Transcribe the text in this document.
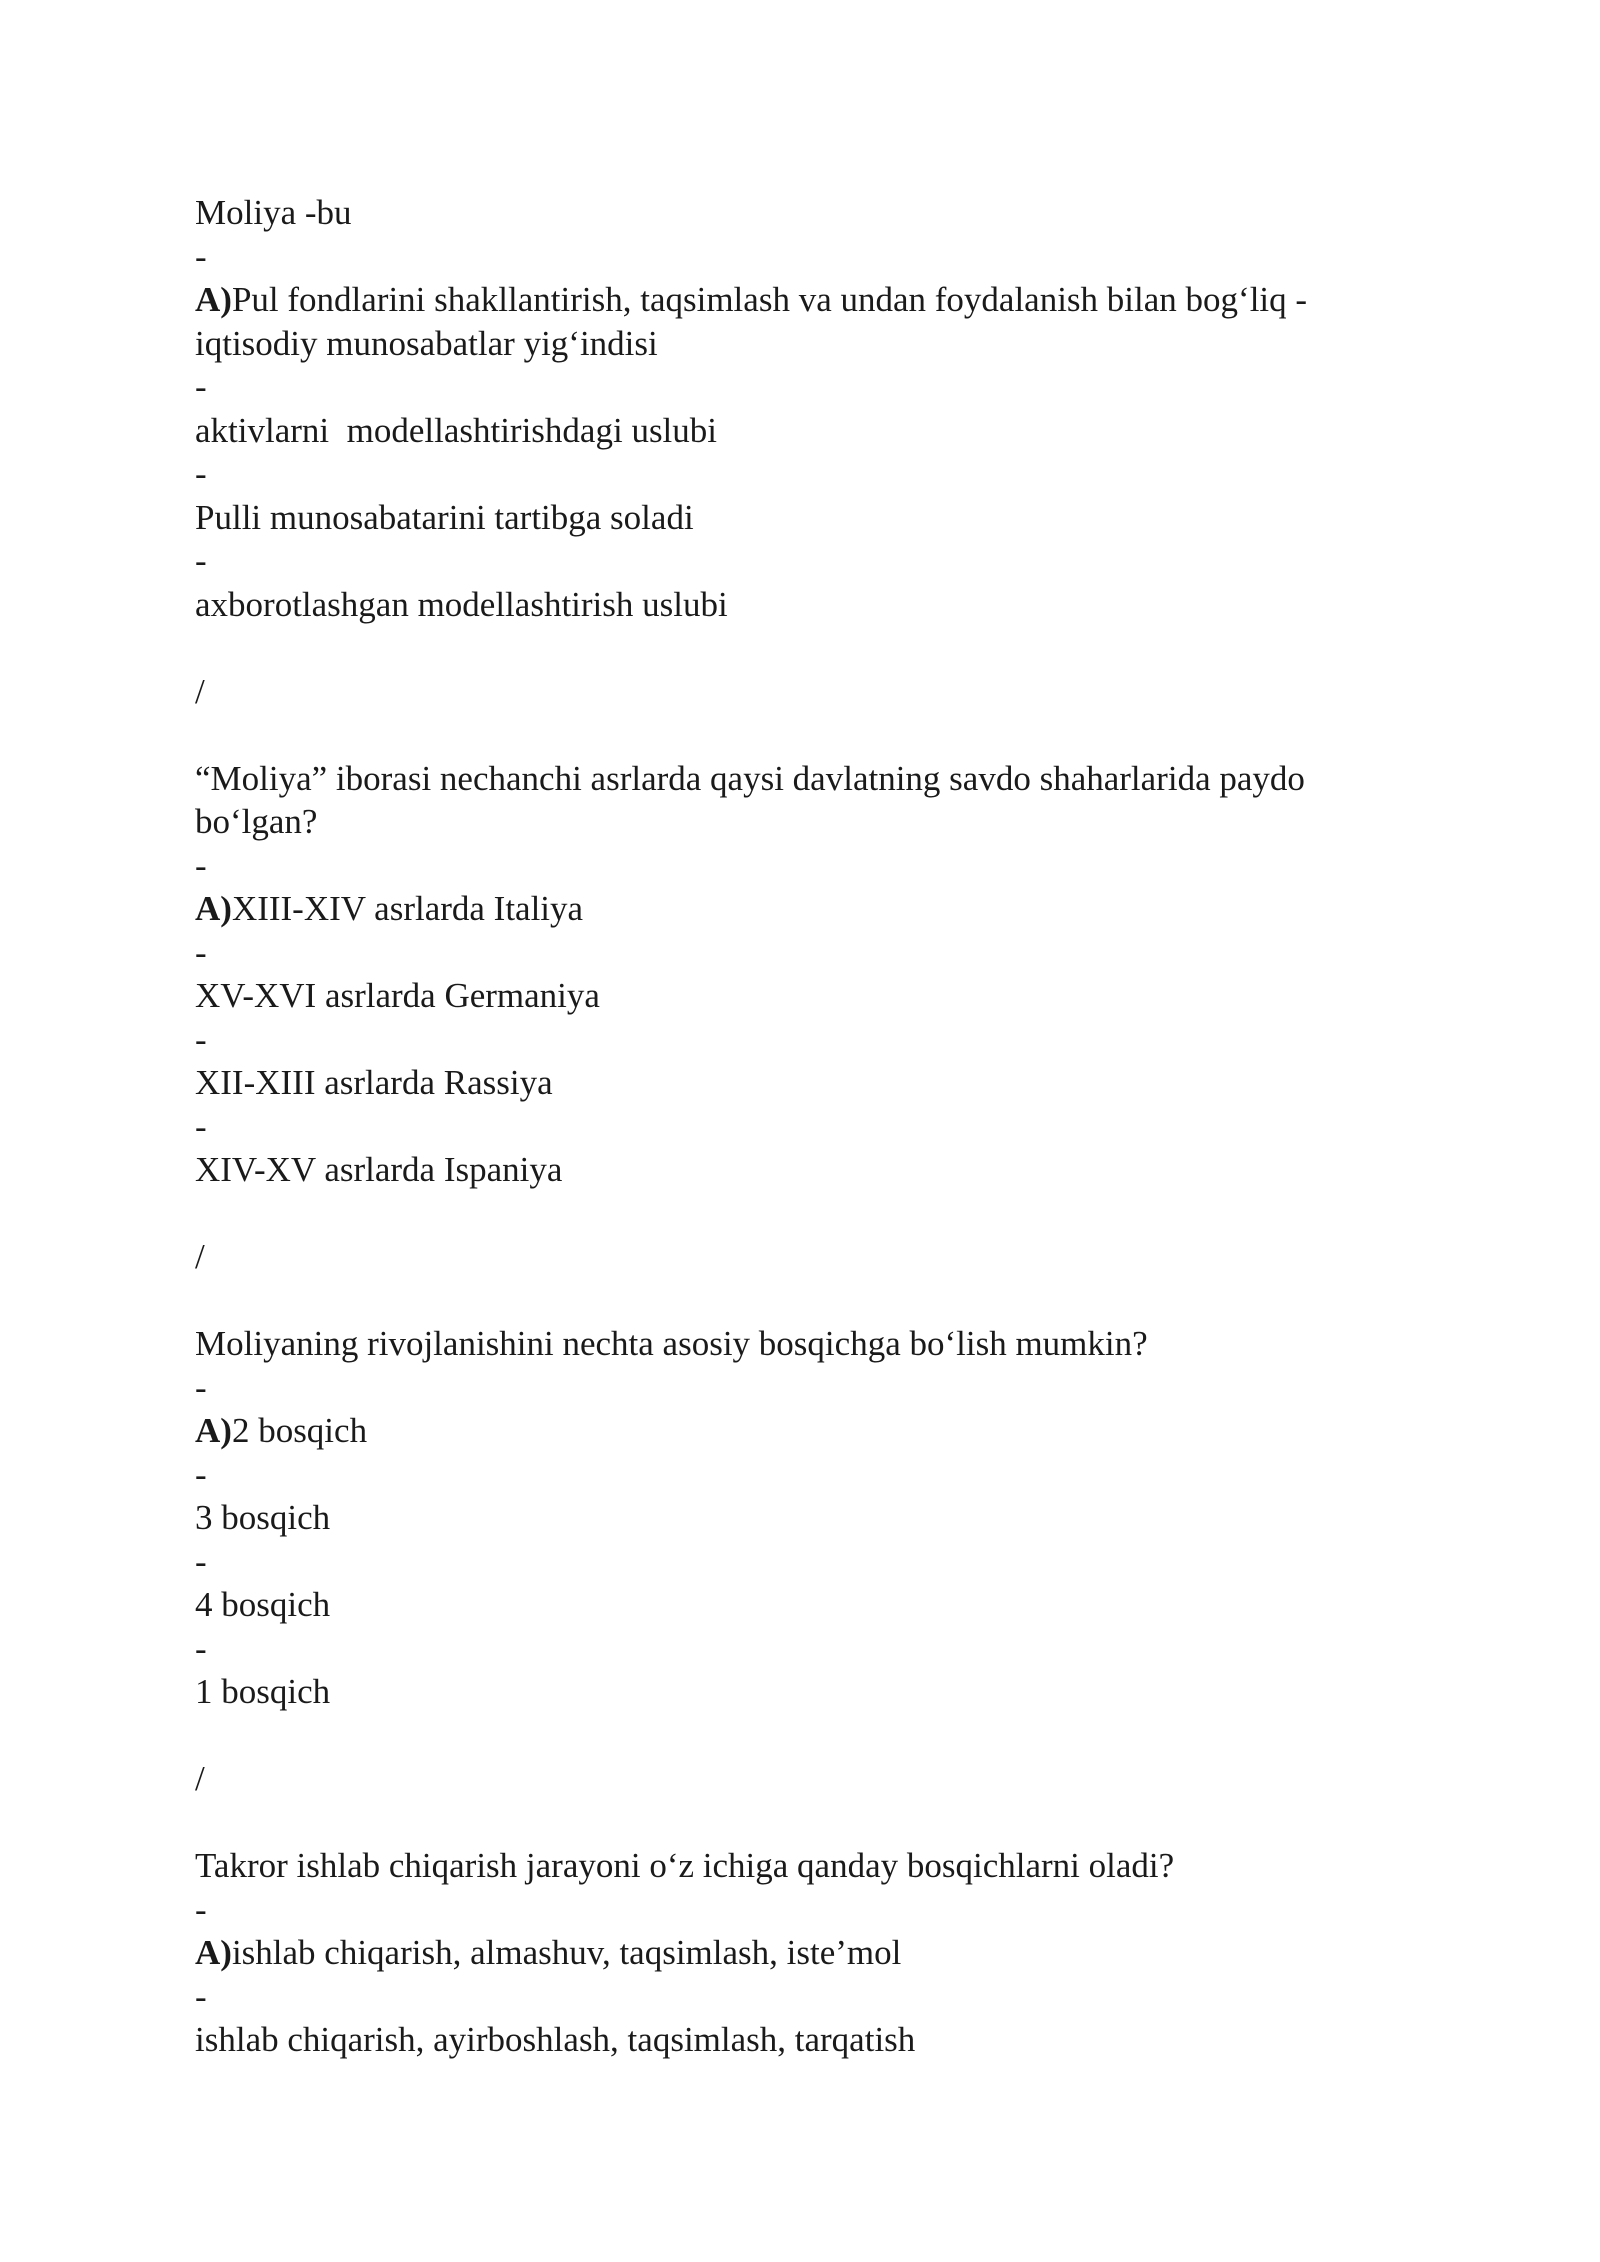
Moliya -bu
-
A)Pul fondlarini shakllantirish, taqsimlash va undan foydalanish bilan bog‘liq - iqtisodiy munosabatlar yig‘indisi
-
aktivlarni  modellashtirishdagi uslubi
-
Pulli munosabatarini tartibga soladi
-
axborotlashgan modellashtirish uslubi
/
“Moliya” iborasi nechanchi asrlarda qaysi davlatning savdo shaharlarida paydo bo‘lgan?
-
A)XIII-XIV asrlarda Italiya
-
XV-XVI asrlarda Germaniya
-
XII-XIII asrlarda Rassiya
-
XIV-XV asrlarda Ispaniya
/
Moliyaning rivojlanishini nechta asosiy bosqichga bo‘lish mumkin?
-
A)2 bosqich
-
3 bosqich
-
4 bosqich
-
1 bosqich
/
Takror ishlab chiqarish jarayoni o‘z ichiga qanday bosqichlarni oladi?
-
A)ishlab chiqarish, almashuv, taqsimlash, iste’mol
-
ishlab chiqarish, ayirboshlash, taqsimlash, tarqatish
